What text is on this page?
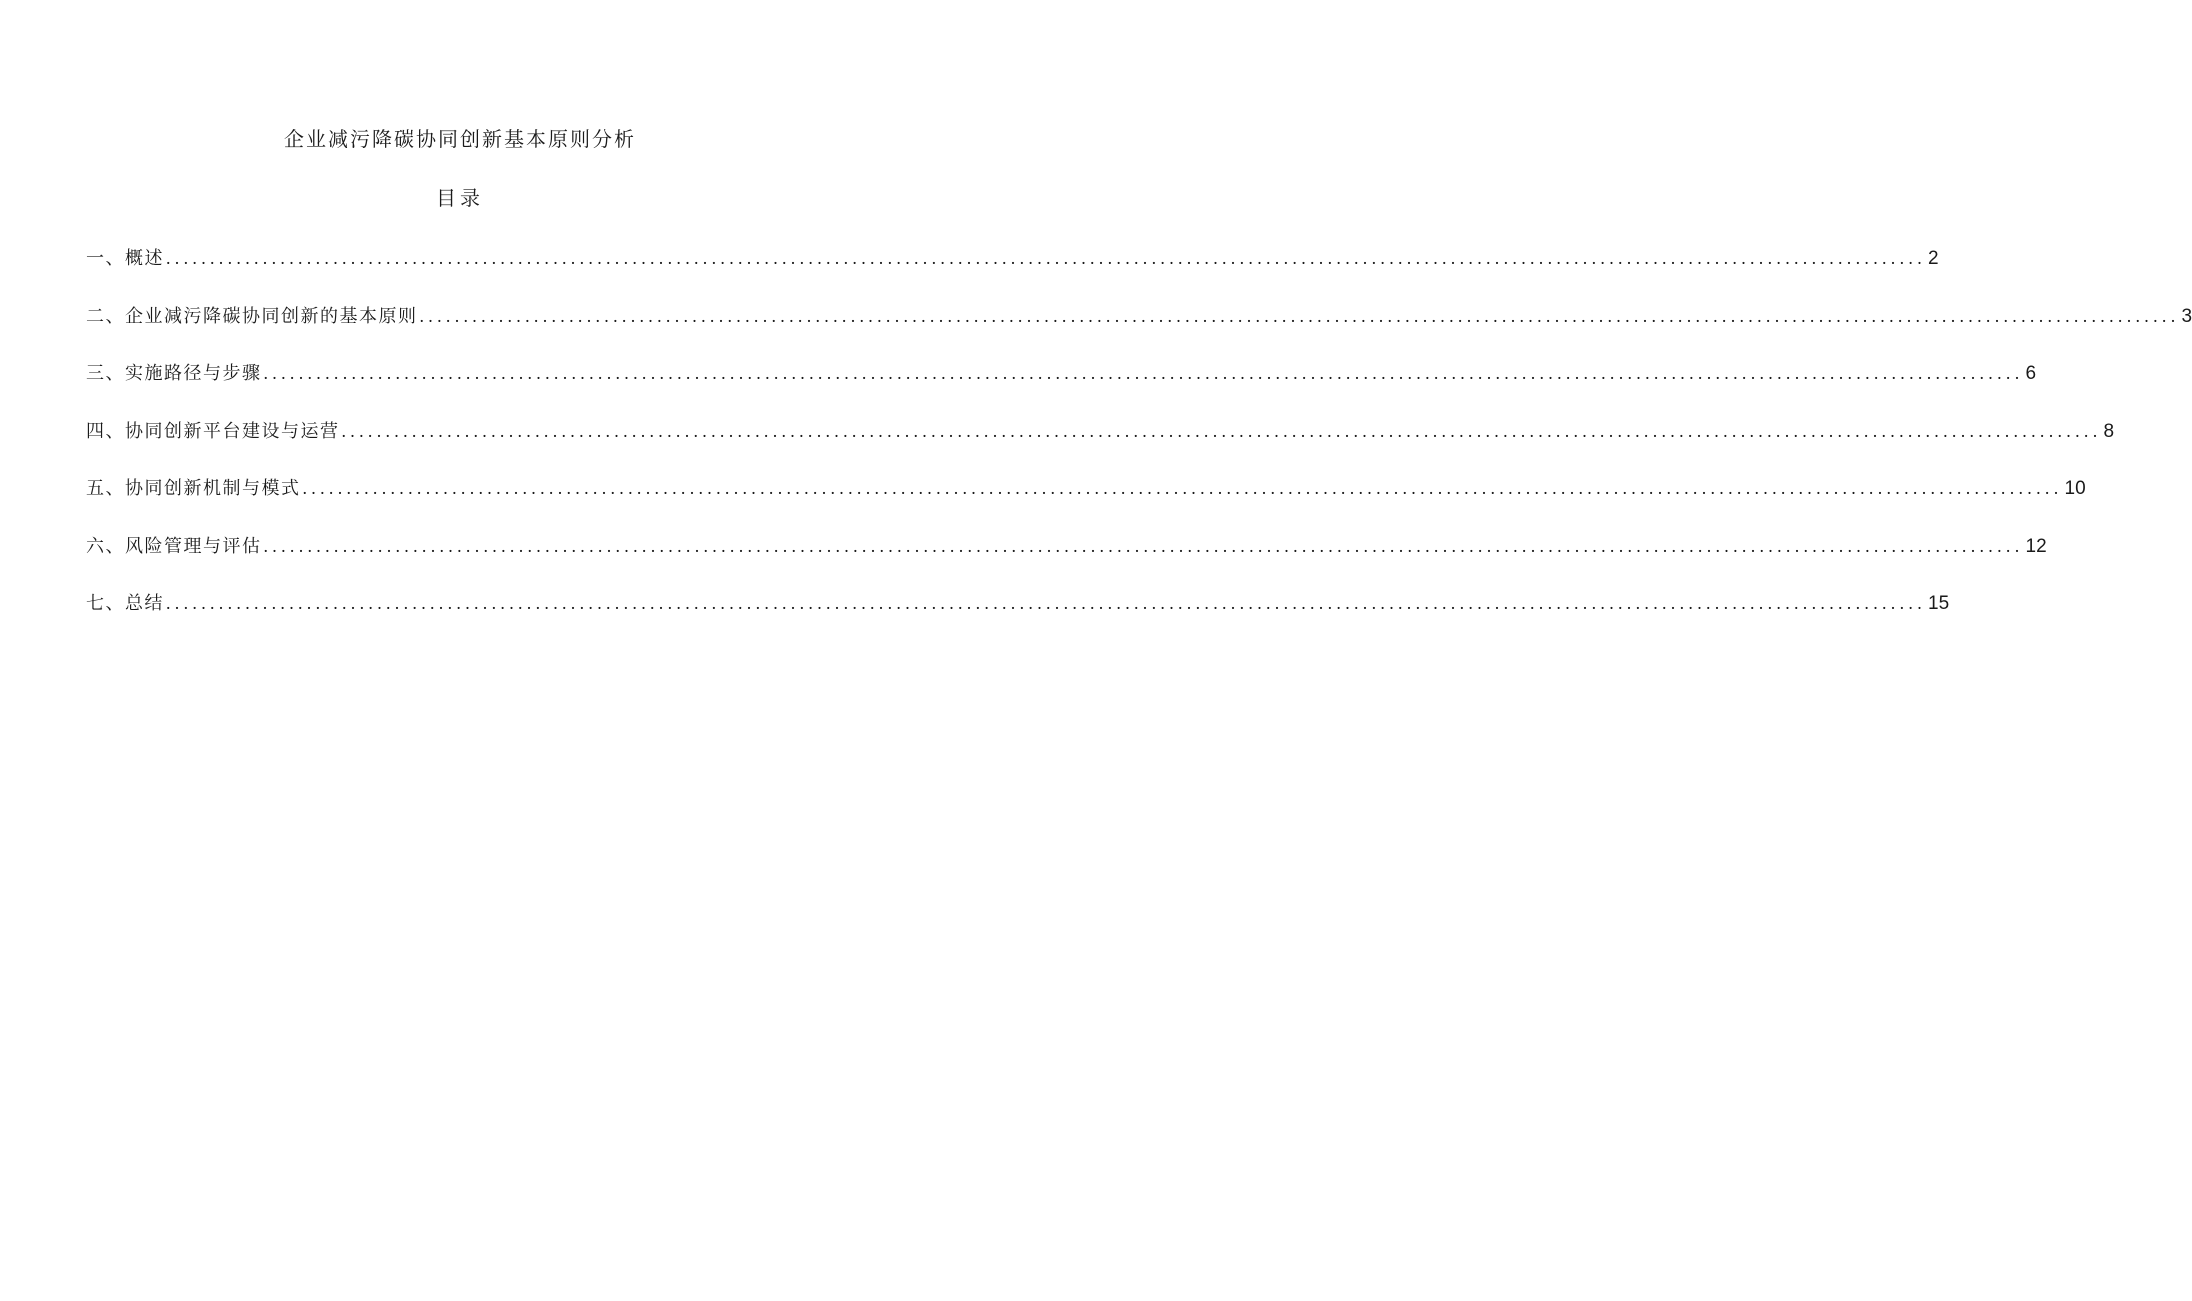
企业减污降碳协同创新基本原则分析
目录
一、概述 ........................................................................................................................................................................................................ 2
二、企业减污降碳协同创新的基本原则 ........................................................................................................................................................................................................ 3
三、实施路径与步骤 ........................................................................................................................................................................................................ 6
四、协同创新平台建设与运营 ........................................................................................................................................................................................................ 8
五、协同创新机制与模式 ........................................................................................................................................................................................................ 10
六、风险管理与评估 ........................................................................................................................................................................................................ 12
七、总结 ........................................................................................................................................................................................................ 15
